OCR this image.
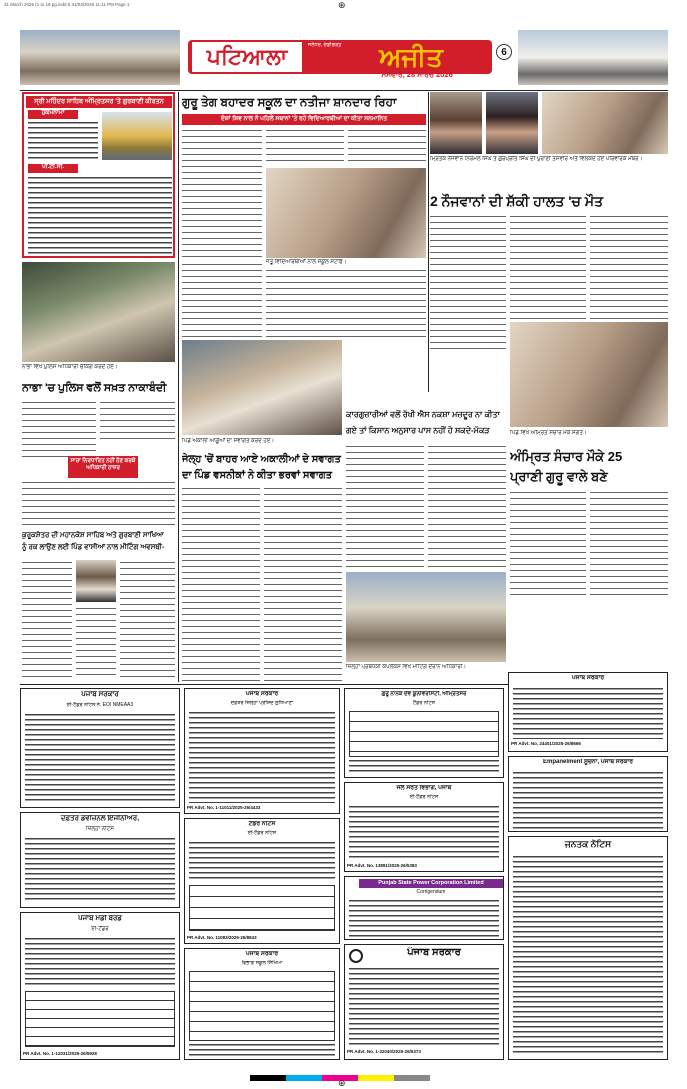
31 March 2026 (1 to 16 pg.indd 6 31/03/2026 11:11 PM Page 1	⊕
ਪਟਿਆਲਾ	ਅਜੀਤ
ਜਲੰਧਰ, ਚੰਡੀਗੜ੍ਹ
ਸੋਮਵਾਰ, 28 ਮਾਰਚ 2026
6
ਸ੍ਰੀ ਮਹਿੰਦਰ ਸਾਹਿਬ ਅੰਮ੍ਰਿਤਸਰ 'ਤੇ ਗੁਰਬਾਣੀ ਕੀਰਤਨ
ਹੁਕਮਨਾਮਾ
ਪੀ.ਟੀ.ਸੀ.
ਗੁਰੂ ਤੇਗ ਬਹਾਦਰ ਸਕੂਲ ਦਾ ਨਤੀਜਾ ਸ਼ਾਨਦਾਰ ਰਿਹਾ
ਦੋਸ਼ਾਂ ਸ਼ਿਵ ਨਾਲ ਨੋ ਪਹਿਲੇ ਸਥਾਨਾਂ 'ਤੇ ਰਹੇ ਵਿਦਿਆਰਥੀਆਂ ਦਾ ਕੀਤਾ ਸਨਮਾਨਿਤ
ਜੇਤੂ ਵਿਦਿਆਰਥੀਆਂ ਨਾਲ ਸਕੂਲ ਸਟਾਫ।
ਮ੍ਰਿਤਕ ਨੌਜਵਾਨ ਨਿਰਮਲ ਸਿੰਘ ਤੇ ਗੁਰਪ੍ਰੀਤ ਸਿੰਘ ਦੀ ਪੁਰਾਣੀ ਤਸਵੀਰ ਅਤੇ ਵਿਲਕਦੇ ਹੋਏ ਪਰਿਵਾਰਕ ਮੈਂਬਰ।
2 ਨੌਜਵਾਨਾਂ ਦੀ ਸ਼ੱਕੀ ਹਾਲਤ 'ਚ ਮੌਤ
ਨਾਭਾ ਵਿਖੇ ਪੁਲਿਸ ਅਧਿਕਾਰੀ ਚੈਕਿੰਗ ਕਰਦੇ ਹੋਏ।
ਨਾਭਾ 'ਚ ਪੁਲਿਸ ਵਲੋਂ ਸਖ਼ਤ ਨਾਕਾਬੰਦੀ
ਸਾਰਾ ਨਿਰਧਾਰਿਤ ਨਹੀਂ ਹੋਣ ਕਰਕੇ ਅਧਿਕਾਰੀ ਹਾਜ਼ਰ
ਪਿੰਡ ਵਿਖੇ ਅੰਮ੍ਰਿਤ ਸੰਚਾਰ ਮੌਕੇ ਸੰਗਤ।
ਅੰਮ੍ਰਿਤ ਸੰਚਾਰ ਮੌਕੇ 25
ਪ੍ਰਾਣੀ ਗੁਰੂ ਵਾਲੇ ਬਣੇ
ਪਿੰਡ ਅਕਾਲੀ ਆਗੂਆਂ ਦਾ ਸਵਾਗਤ ਕਰਦੇ ਹੋਏ।
ਜੇਲ੍ਹ 'ਚੋਂ ਬਾਹਰ ਆਏ ਅਕਾਲੀਆਂ ਦੇ ਸਵਾਗਤ
ਦਾ ਪਿੰਡ ਵਸਨੀਕਾਂ ਨੇ ਕੀਤਾ ਭਰਵਾਂ ਸਵਾਗਤ
ਕਾਰਗੁਜ਼ਾਰੀਆਂ ਵਲੋਂ ਰੱਖੀ ਐਸ ਨਕਸ਼ਾ ਮਜ਼ਦੂਰ ਨਾ ਕੀਤਾ
ਗਏ ਤਾਂ ਕਿਸਾਨ ਅਨੁਸਾਰ ਪਾਸ ਨਹੀਂ ਹੋ ਸਕਦੇ-ਮੱਕੜ
ਜ਼ਿਲ੍ਹਾ ਪ੍ਰਬੰਧਕੀ ਕੰਪਲੈਕਸ ਵਿਖੇ ਮੀਟਿੰਗ ਦੌਰਾਨ ਅਧਿਕਾਰੀ।
ਕੁਰੂਕਸ਼ੇਤਰ ਦੀ ਮਹਾਨਕੋਸ਼ ਸਾਹਿਬ ਅਤੇ ਗੁਰਬਾਣੀ ਸਾਖਿਆ
ਨੂੰ ਰਕ ਲਾਉਣ ਲਈ ਪਿੰਡ ਵਾਸੀਆਂ ਨਾਲ ਮੀਟਿੰਗ ਅਵਸਥੀ-
ਪੰਜਾਬ ਸਰਕਾਰ
ਈ-ਟੈਂਡਰ ਨੋਟਿਸ ਨੰ. EOI NMEAA3
ਦਫ਼ਤਰ ਡਵੀਜ਼ਨਲ ਇੰਜੀਨੀਅਰ,
ਜ਼ਿਲ੍ਹਾ ਨੋਟਿਸ
ਪੰਜਾਬ ਮੰਡੀ ਬੋਰਡ
ਈ-ਟੈਂਡਰ
PR Advt. No. 1-12031/2025-26/5928
ਪੰਜਾਬ ਸਰਕਾਰ
ਦਫ਼ਤਰ ਜ਼ਿਲ੍ਹਾ ਪ੍ਰੀਸ਼ਦ ਲੁਧਿਆਣਾ
PR Advt. No. 1-11011/2025-26/4433
ਟੈਂਡਰ ਨੋਟਿਸ
ਈ-ਟੈਂਡਰ ਨੋਟਿਸ
PR Advt. No. 11083/2025-26/8843
ਪੰਜਾਬ ਸਰਕਾਰ
ਵਿਭਾਗ ਸਕੂਲ ਸਿੱਖਿਆ
ਗੁਰੂ ਨਾਨਕ ਦੇਵ ਯੂਨੀਵਰਸਿਟੀ, ਅੰਮ੍ਰਿਤਸਰ
ਟੈਂਡਰ ਨੋਟਿਸ
ਜਲ ਸਰੋਤ ਵਿਭਾਗ, ਪੰਜਾਬ
ਈ-ਟੈਂਡਰ ਨੋਟਿਸ
PR Advt. No. 13891/2025-26/5383
Punjab State Power Corporation Limited
Corrigendum
ਪੰਜਾਬ ਸਰਕਾਰ
PR Advt. No. 1-32040/2025-26/5373
ਪੰਜਾਬ ਸਰਕਾਰ
PR Advt. No. 24401/2025-26/8666
Empanelment ਸੂਚਨਾ, ਪੰਜਾਬ ਸਰਕਾਰ
ਜਨਤਕ ਨੋਟਿਸ
⊕
